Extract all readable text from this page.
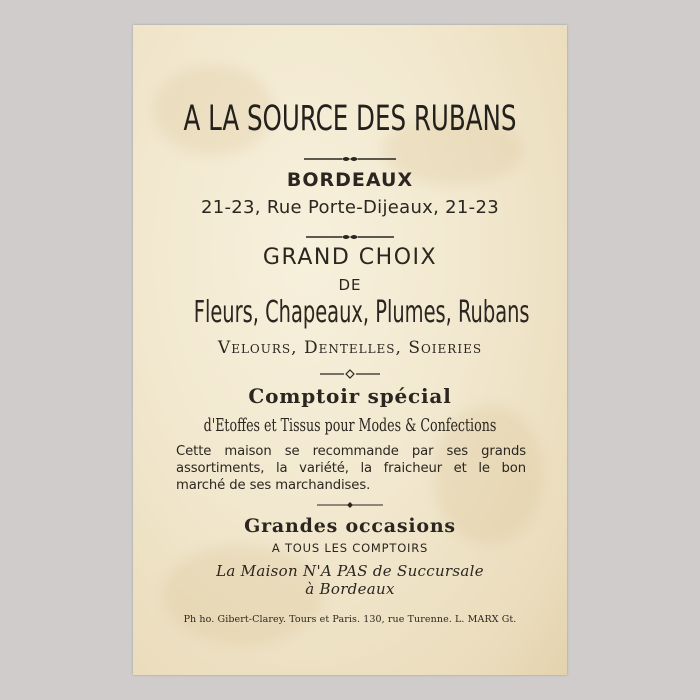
A LA SOURCE DES RUBANS

BORDEAUX

21-23, Rue Porte-Dijeaux, 21-23

GRAND CHOIX

DE

Fleurs, Chapeaux, Plumes, Rubans

Velours, Dentelles, Soieries

Comptoir spécial

d'Etoffes et Tissus pour Modes & Confections

Cette maison se recommande par ses grands assortiments, la variété, la fraicheur et le bon marché de ses marchandises.

Grandes occasions

A TOUS LES COMPTOIRS

La Maison N'A PAS de Succursale

à Bordeaux

Ph ho. Gibert-Clarey. Tours et Paris. 130, rue Turenne. L. MARX Gt.
